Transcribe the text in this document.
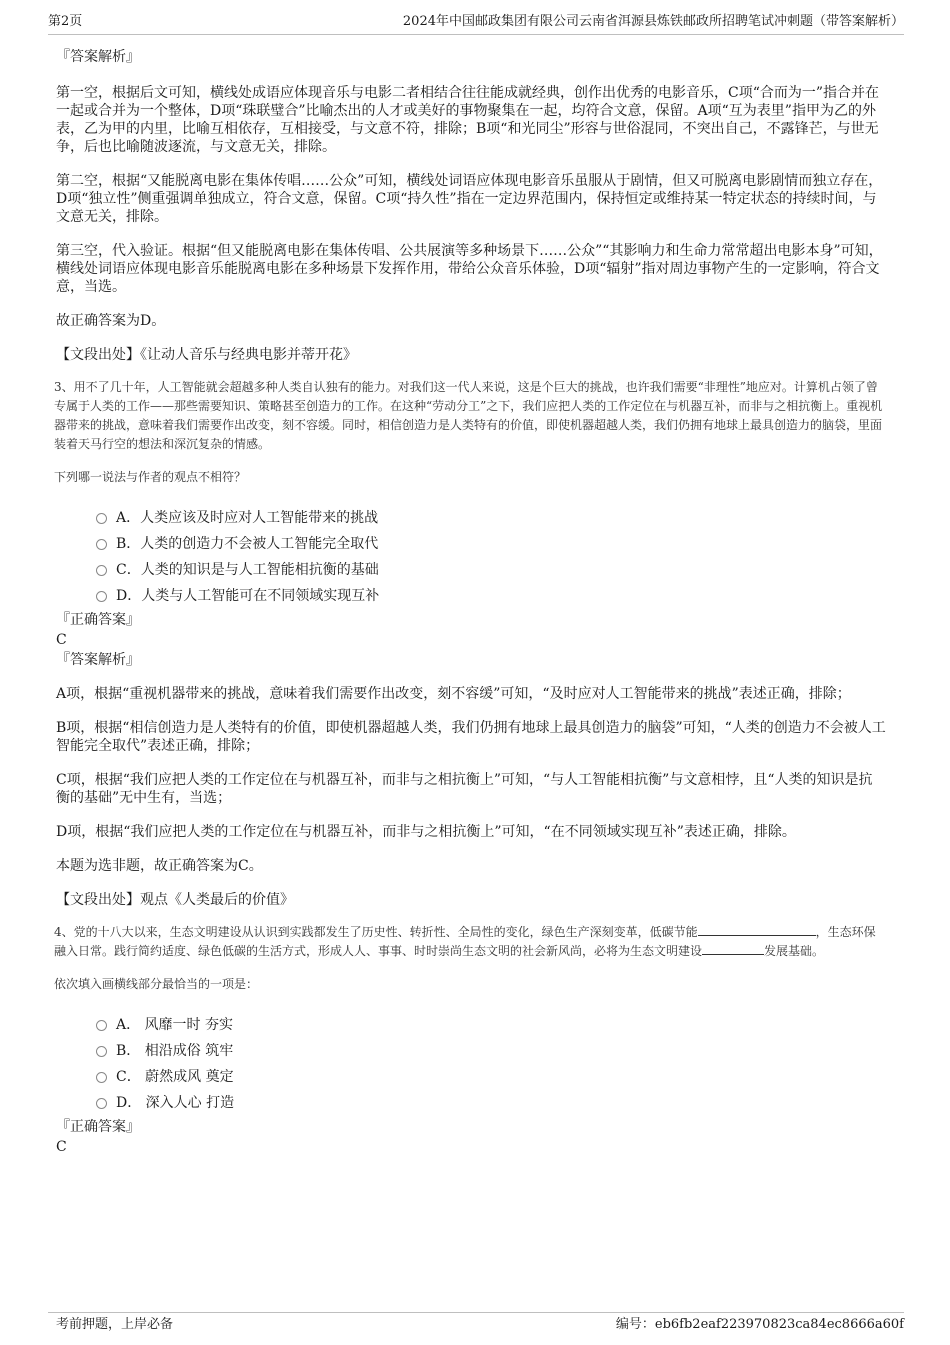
第2页	2024年中国邮政集团有限公司云南省洱源县炼铁邮政所招聘笔试冲刺题（带答案解析）

『答案解析』

第一空，根据后文可知，横线处成语应体现音乐与电影二者相结合往往能成就经典，创作出优秀的电影音乐，C项“合而为一”指合并在一起或合并为一个整体，D项“珠联璧合”比喻杰出的人才或美好的事物聚集在一起，均符合文意，保留。A项“互为表里”指甲为乙的外表，乙为甲的内里，比喻互相依存，互相接受，与文意不符，排除；B项“和光同尘”形容与世俗混同，不突出自己，不露锋芒，与世无争，后也比喻随波逐流，与文意无关，排除。

第二空，根据“又能脱离电影在集体传唱……公众”可知，横线处词语应体现电影音乐虽服从于剧情，但又可脱离电影剧情而独立存在，D项“独立性”侧重强调单独成立，符合文意，保留。C项“持久性”指在一定边界范围内，保持恒定或维持某一特定状态的持续时间，与文意无关，排除。

第三空，代入验证。根据“但又能脱离电影在集体传唱、公共展演等多种场景下……公众”“其影响力和生命力常常超出电影本身”可知，横线处词语应体现电影音乐能脱离电影在多种场景下发挥作用，带给公众音乐体验，D项“辐射”指对周边事物产生的一定影响，符合文意，当选。

故正确答案为D。

【文段出处】《让动人音乐与经典电影并蒂开花》

3、用不了几十年，人工智能就会超越多种人类自认独有的能力。对我们这一代人来说，这是个巨大的挑战，也许我们需要“非理性”地应对。计算机占领了曾专属于人类的工作——那些需要知识、策略甚至创造力的工作。在这种“劳动分工”之下，我们应把人类的工作定位在与机器互补，而非与之相抗衡上。重视机器带来的挑战，意味着我们需要作出改变，刻不容缓。同时，相信创造力是人类特有的价值，即使机器超越人类，我们仍拥有地球上最具创造力的脑袋，里面装着天马行空的想法和深沉复杂的情感。

下列哪一说法与作者的观点不相符？

A．人类应该及时应对人工智能带来的挑战
B．人类的创造力不会被人工智能完全取代
C．人类的知识是与人工智能相抗衡的基础
D．人类与人工智能可在不同领域实现互补

『正确答案』

C

『答案解析』

A项，根据“重视机器带来的挑战，意味着我们需要作出改变，刻不容缓”可知，“及时应对人工智能带来的挑战”表述正确，排除；

B项，根据“相信创造力是人类特有的价值，即使机器超越人类，我们仍拥有地球上最具创造力的脑袋”可知，“人类的创造力不会被人工智能完全取代”表述正确，排除；

C项，根据“我们应把人类的工作定位在与机器互补，而非与之相抗衡上”可知，“与人工智能相抗衡”与文意相悖，且“人类的知识是抗衡的基础”无中生有，当选；

D项，根据“我们应把人类的工作定位在与机器互补，而非与之相抗衡上”可知，“在不同领域实现互补”表述正确，排除。

本题为选非题，故正确答案为C。

【文段出处】观点《人类最后的价值》

4、党的十八大以来，生态文明建设从认识到实践都发生了历史性、转折性、全局性的变化，绿色生产深刻变革，低碳节能	，生态环保融入日常。践行简约适度、绿色低碳的生活方式，形成人人、事事、时时崇尚生态文明的社会新风尚，必将为生态文明建设	发展基础。

依次填入画横线部分最恰当的一项是：

A． 风靡一时 夯实
B． 相沿成俗 筑牢
C． 蔚然成风 奠定
D． 深入人心 打造

『正确答案』

C

考前押题，上岸必备	编号：eb6fb2eaf223970823ca84ec8666a60f
